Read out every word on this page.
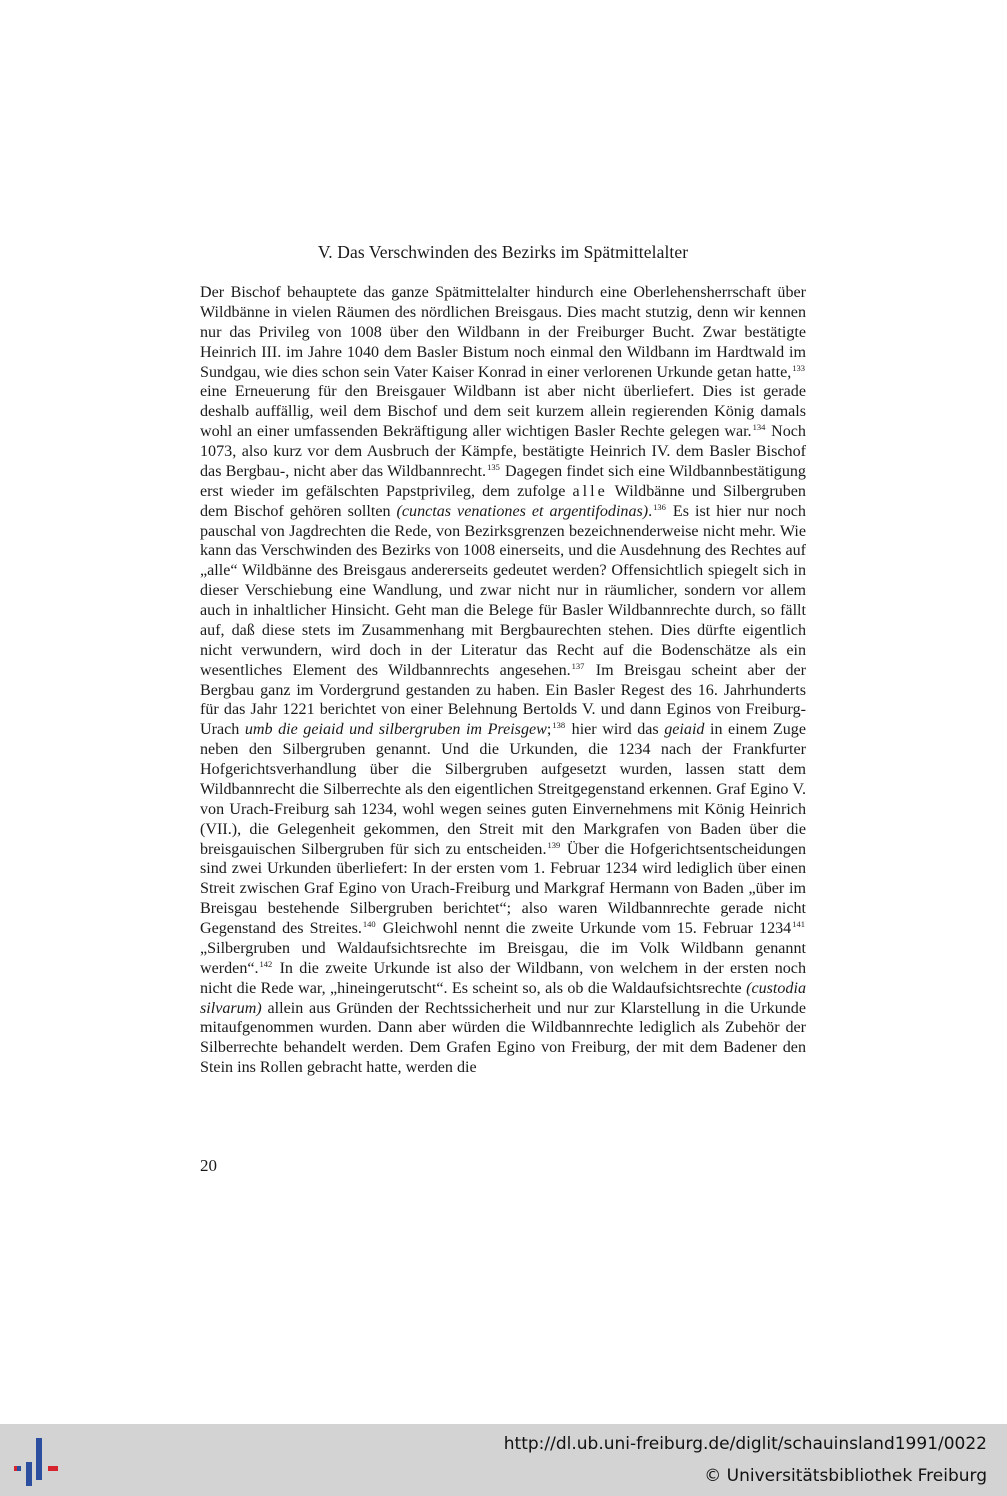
V. Das Verschwinden des Bezirks im Spätmittelalter
Der Bischof behauptete das ganze Spätmittelalter hindurch eine Oberlehensherrschaft über Wildbänne in vielen Räumen des nördlichen Breisgaus. Dies macht stutzig, denn wir kennen nur das Privileg von 1008 über den Wildbann in der Freiburger Bucht. Zwar bestätigte Heinrich III. im Jahre 1040 dem Basler Bistum noch einmal den Wildbann im Hardtwald im Sundgau, wie dies schon sein Vater Kaiser Konrad in einer verlorenen Urkunde getan hatte,$^{133}$ eine Erneuerung für den Breisgauer Wildbann ist aber nicht überliefert. Dies ist gerade deshalb auffällig, weil dem Bischof und dem seit kurzem allein regierenden König damals wohl an einer umfassenden Bekräftigung aller wichtigen Basler Rechte gelegen war.$^{134}$ Noch 1073, also kurz vor dem Ausbruch der Kämpfe, bestätigte Heinrich IV. dem Basler Bischof das Bergbau-, nicht aber das Wildbannrecht.$^{135}$ Dagegen findet sich eine Wildbannbestätigung erst wieder im gefälschten Papstprivileg, dem zufolge alle Wildbänne und Silbergruben dem Bischof gehören sollten (cunctas venationes et argentifodinas).$^{136}$ Es ist hier nur noch pauschal von Jagdrechten die Rede, von Bezirksgrenzen bezeichnenderweise nicht mehr. Wie kann das Verschwinden des Bezirks von 1008 einerseits, und die Ausdehnung des Rechtes auf „alle“ Wildbänne des Breisgaus andererseits gedeutet werden? Offensichtlich spiegelt sich in dieser Verschiebung eine Wandlung, und zwar nicht nur in räumlicher, sondern vor allem auch in inhaltlicher Hinsicht. Geht man die Belege für Basler Wildbannrechte durch, so fällt auf, daß diese stets im Zusammenhang mit Bergbaurechten stehen. Dies dürfte eigentlich nicht verwundern, wird doch in der Literatur das Recht auf die Bodenschätze als ein wesentliches Element des Wildbannrechts angesehen.$^{137}$ Im Breisgau scheint aber der Bergbau ganz im Vordergrund gestanden zu haben. Ein Basler Regest des 16. Jahrhunderts für das Jahr 1221 berichtet von einer Belehnung Bertolds V. und dann Eginos von Freiburg-Urach umb die geiaid und silbergruben im Preisgew;$^{138}$ hier wird das geiaid in einem Zuge neben den Silbergruben genannt. Und die Urkunden, die 1234 nach der Frankfurter Hofgerichtsverhandlung über die Silbergruben aufgesetzt wurden, lassen statt dem Wildbannrecht die Silberrechte als den eigentlichen Streitgegenstand erkennen. Graf Egino V. von Urach-Freiburg sah 1234, wohl wegen seines guten Einvernehmens mit König Heinrich (VII.), die Gelegenheit gekommen, den Streit mit den Markgrafen von Baden über die breisgauischen Silbergruben für sich zu entscheiden.$^{139}$ Über die Hofgerichtsentscheidungen sind zwei Urkunden überliefert: In der ersten vom 1. Februar 1234 wird lediglich über einen Streit zwischen Graf Egino von Urach-Freiburg und Markgraf Hermann von Baden „über im Breisgau bestehende Silbergruben berichtet“; also waren Wildbannrechte gerade nicht Gegenstand des Streites.$^{140}$ Gleichwohl nennt die zweite Urkunde vom 15. Februar 1234$^{141}$ „Silbergruben und Waldaufsichtsrechte im Breisgau, die im Volk Wildbann genannt werden“.$^{142}$ In die zweite Urkunde ist also der Wildbann, von welchem in der ersten noch nicht die Rede war, „hineingerutscht“. Es scheint so, als ob die Waldaufsichtsrechte (custodia silvarum) allein aus Gründen der Rechtssicherheit und nur zur Klarstellung in die Urkunde mitaufgenommen wurden. Dann aber würden die Wildbannrechte lediglich als Zubehör der Silberrechte behandelt werden. Dem Grafen Egino von Freiburg, der mit dem Badener den Stein ins Rollen gebracht hatte, werden die
20
http://dl.ub.uni-freiburg.de/diglit/schauinsland1991/0022
© Universitätsbibliothek Freiburg
